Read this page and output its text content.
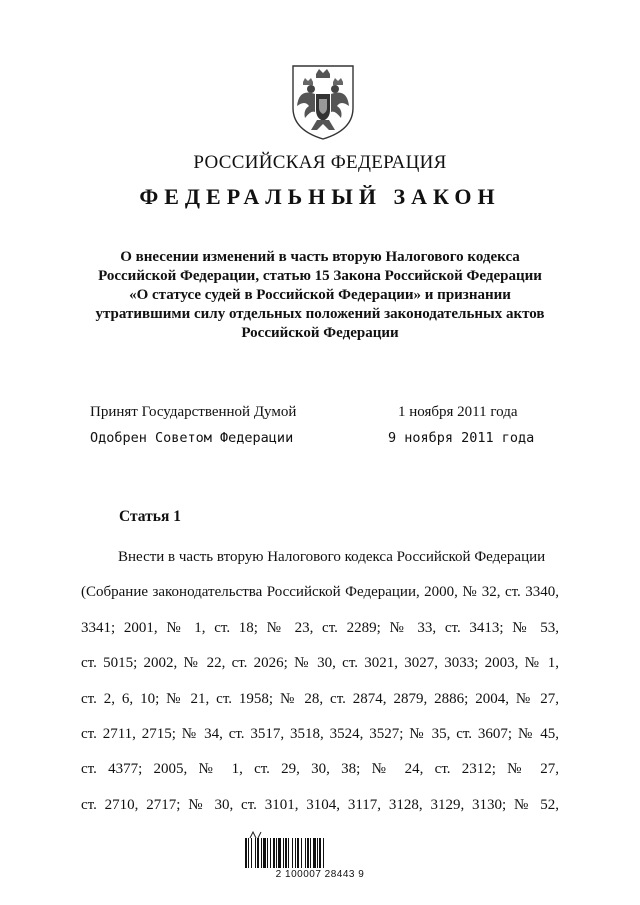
РОССИЙСКАЯ ФЕДЕРАЦИЯ
ФЕДЕРАЛЬНЫЙ ЗАКОН
О внесении изменений в часть вторую Налогового кодекса
Российской Федерации, статью 15 Закона Российской Федерации
«О статусе судей в Российской Федерации» и признании
утратившими силу отдельных положений законодательных актов
Российской Федерации
Принят Государственной Думой	1 ноября 2011 года
Одобрен Советом Федерации	9 ноября 2011 года
Статья 1
Внести в часть вторую Налогового кодекса Российской Федерации
(Собрание законодательства Российской Федерации, 2000, № 32, ст. 3340,
3341; 2001, № 1, ст. 18; № 23, ст. 2289; № 33, ст. 3413; № 53,
ст. 5015; 2002, № 22, ст. 2026; № 30, ст. 3021, 3027, 3033; 2003, № 1,
ст. 2, 6, 10; № 21, ст. 1958; № 28, ст. 2874, 2879, 2886; 2004, № 27,
ст. 2711, 2715; № 34, ст. 3517, 3518, 3524, 3527; № 35, ст. 3607; № 45,
ст. 4377; 2005, № 1, ст. 29, 30, 38; № 24, ст. 2312; № 27,
ст. 2710, 2717; № 30, ст. 3101, 3104, 3117, 3128, 3129, 3130; № 52,
2 100007 28443 9
